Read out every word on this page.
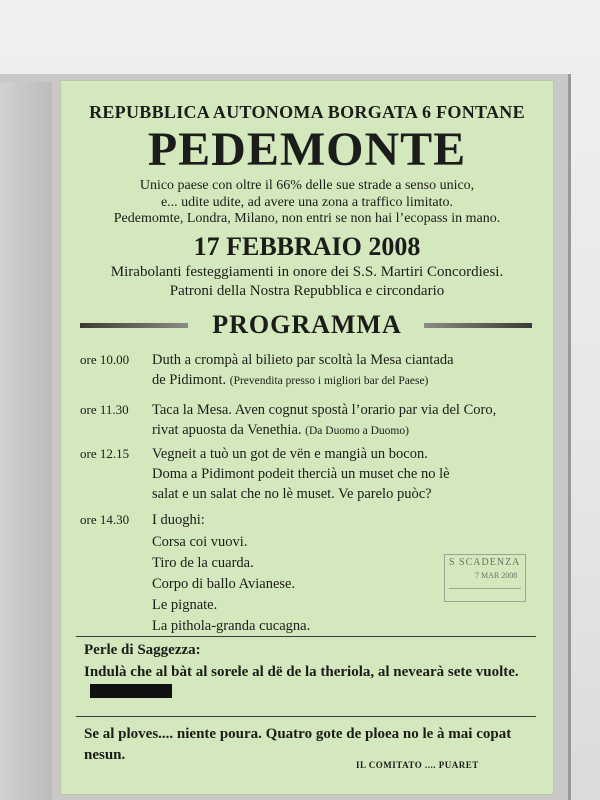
REPUBBLICA AUTONOMA BORGATA 6 FONTANE
PEDEMONTE
Unico paese con oltre il 66% delle sue strade a senso unico,
e... udite udite, ad avere una zona a traffico limitato.
Pedemomte, Londra, Milano, non entri se non hai l’ecopass in mano.
17 FEBBRAIO 2008
Mirabolanti festeggiamenti in onore dei S.S. Martiri Concordiesi.
Patroni della Nostra Repubblica e circondario
PROGRAMMA
ore 10.00	Duth a crompà al bilieto par scoltà la Mesa ciantada
de Pidimont. (Prevendita presso i migliori bar del Paese)
ore 11.30	Taca la Mesa. Aven cognut spostà l’orario par via del Coro,
rivat apuosta da Venethia. (Da Duomo a Duomo)
ore 12.15	Vegneit a tuò un got de vën e mangià un bocon.
Doma a Pidimont podeit thercià un muset che no lè
salat e un salat che no lè muset. Ve parelo puòc?
ore 14.30	I duoghi:
Corsa coi vuovi.
Tiro de la cuarda.
Corpo di ballo Avianese.
Le pignate.
La pithola-granda cucagna.
S SCADENZA
7 MAR 2008
Perle di Saggezza:
Indulà che al bàt al sorele al dë de la theriola, al nevearà sete vuolte.
Se al ploves.... niente poura. Quatro gote de ploea no le à mai copat nesun.
IL COMITATO .... PUARET
